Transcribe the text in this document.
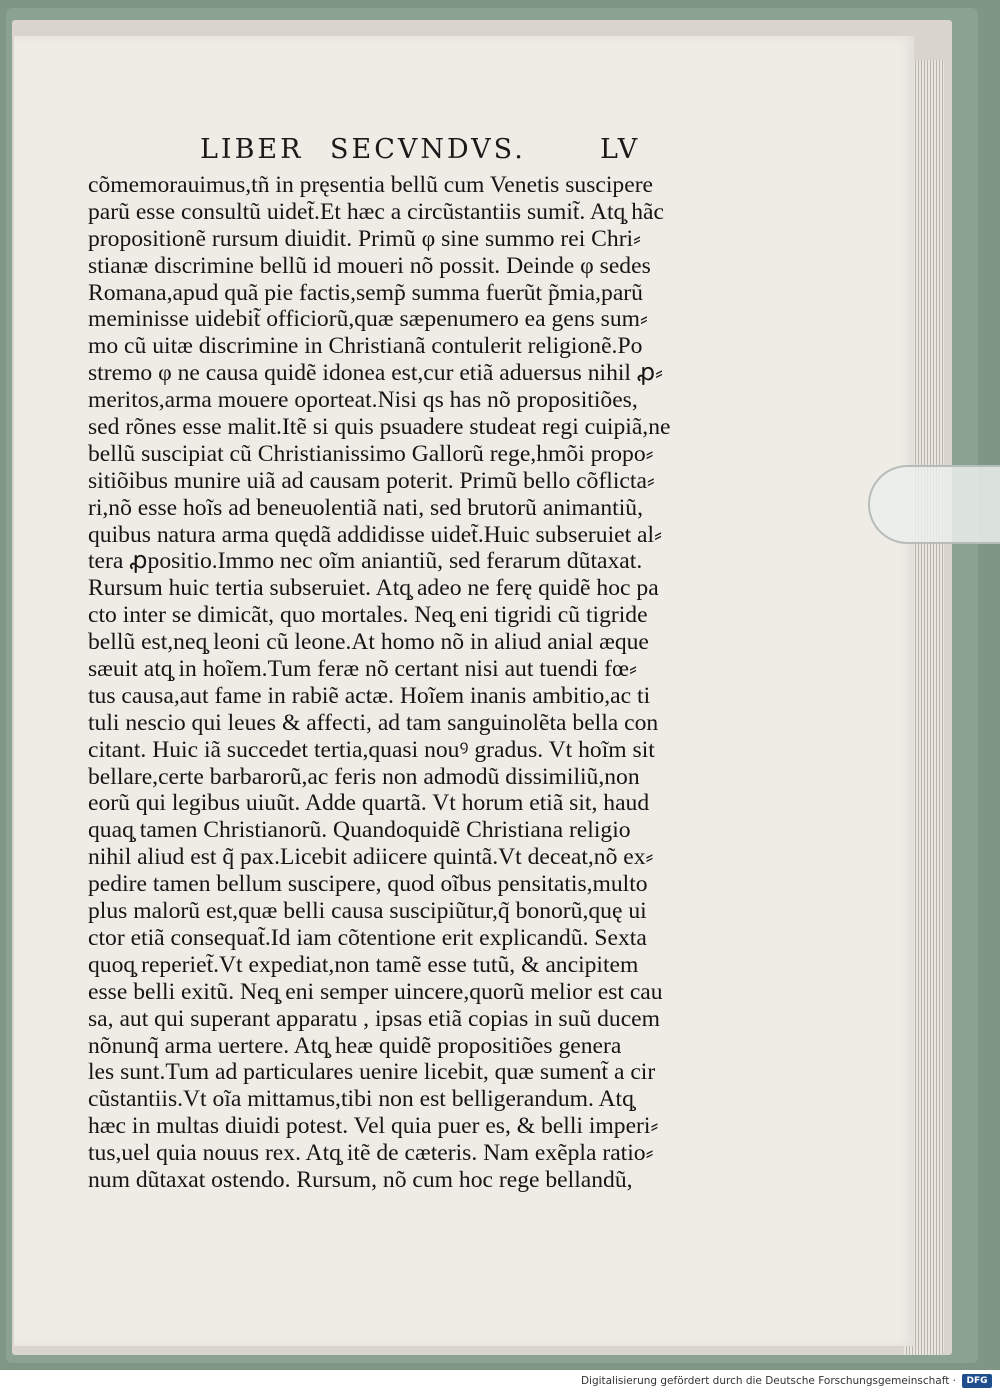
LIBER SECVNDVS.	LV
cõmemorauimus,tñ in pręsentia bellũ cum Venetis suscipere
parũ esse consultũ uidet̃.Et hæc a circũstantiis sumit̃. Atq̧ hãc
propositionẽ rursum diuidit. Primũ φ sine summo rei Chri⸗
stianæ discrimine bellũ id moueri nõ possit. Deinde φ sedes
Romana,apud quã pie factis,semp̃ summa fuerũt p̃mia,parũ
meminisse uidebit̃ officiorũ,quæ sæpenumero ea gens sum⸗
mo cũ uitæ discrimine in Christianã contulerit religionẽ.Po
stremo φ ne causa quidẽ idonea est,cur etiã aduersus nihil ꝓ⸗
meritos,arma mouere oporteat.Nisi qs has nõ propositiões,
sed rõnes esse malit.Itẽ si quis psuadere studeat regi cuipiã,ne
bellũ suscipiat cũ Christianissimo Gallorũ rege,hmõi propo⸗
sitiõibus munire uiã ad causam poterit. Primũ bello cõflicta⸗
ri,nõ esse hoĩs ad beneuolentiã nati, sed brutorũ animantiũ,
quibus natura arma quędã addidisse uidet̃.Huic subseruiet al⸗
tera ꝓpositio.Immo nec oĩm aniantiũ, sed ferarum dũtaxat.
Rursum huic tertia subseruiet. Atq̧ adeo ne ferę quidẽ hoc pa
cto inter se dimicãt, quo mortales. Neq̧ eni tigridi cũ tigride
bellũ est,neq̧ leoni cũ leone.At homo nõ in aliud anial æque
sæuit atq̧ in hoĩem.Tum feræ nõ certant nisi aut tuendi fœ⸗
tus causa,aut fame in rabiẽ actæ. Hoĩem inanis ambitio,ac ti
tuli nescio qui leues & affecti, ad tam sanguinolẽta bella con
citant. Huic iã succedet tertia,quasi nouꝰ gradus. Vt hoĩm sit
bellare,certe barbarorũ,ac feris non admodũ dissimiliũ,non
eorũ qui legibus uiuũt. Adde quartã. Vt horum etiã sit, haud
quaq̧ tamen Christianorũ. Quandoquidẽ Christiana religio
nihil aliud est q̃ pax.Licebit adiicere quintã.Vt deceat,nõ ex⸗
pedire tamen bellum suscipere, quod oĩbus pensitatis,multo
plus malorũ est,quæ belli causa suscipiũtur,q̃ bonorũ,quę ui
ctor etiã consequat̃.Id iam cõtentione erit explicandũ. Sexta
quoq̧ reperiet̃.Vt expediat,non tamẽ esse tutũ, & ancipitem
esse belli exitũ. Neq̧ eni semper uincere,quorũ melior est cau
sa, aut qui superant apparatu , ipsas etiã copias in suũ ducem
nõnunq̃ arma uertere. Atq̧ heæ quidẽ propositiões genera
les sunt.Tum ad particulares uenire licebit, quæ sument̃ a cir
cũstantiis.Vt oĩa mittamus,tibi non est belligerandum. Atq̧
hæc in multas diuidi potest. Vel quia puer es, & belli imperi⸗
tus,uel quia nouus rex. Atq̧ itẽ de cæteris. Nam exẽpla ratio⸗
num dũtaxat ostendo. Rursum, nõ cum hoc rege bellandũ,
Digitalisierung gefördert durch die Deutsche Forschungsgemeinschaft ·	DFG
